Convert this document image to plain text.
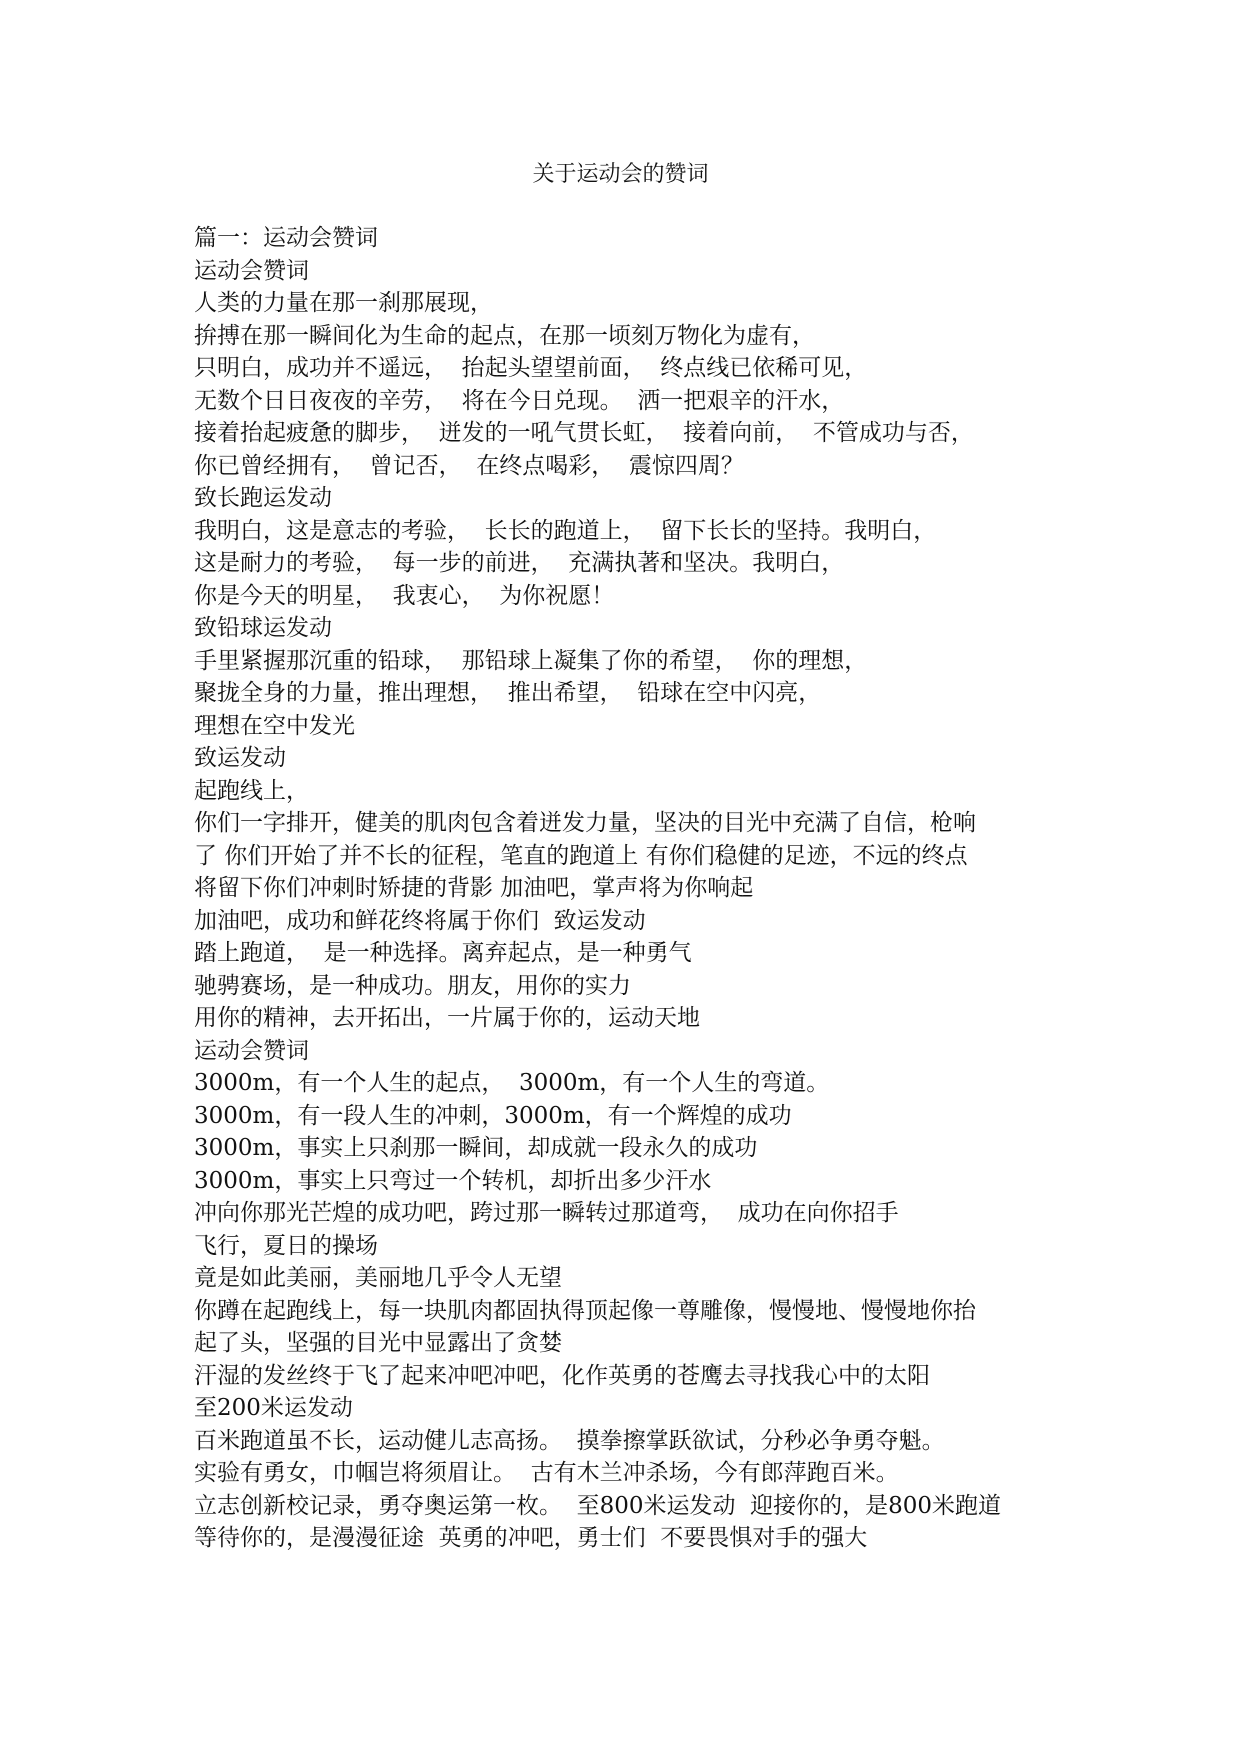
关于运动会的赞词
篇一：运动会赞词
运动会赞词
人类的力量在那一刹那展现，
拚搏在那一瞬间化为生命的起点，在那一顷刻万物化为虚有，
只明白，成功并不遥远，  抬起头望望前面，  终点线已依稀可见，
无数个日日夜夜的辛劳，  将在今日兑现。  洒一把艰辛的汗水，
接着抬起疲惫的脚步，  迸发的一吼气贯长虹，  接着向前，  不管成功与否，
你已曾经拥有，  曾记否，  在终点喝彩，  震惊四周？
致长跑运发动
我明白，这是意志的考验，  长长的跑道上，  留下长长的坚持。我明白，
这是耐力的考验，  每一步的前进，  充满执著和坚决。我明白，
你是今天的明星，  我衷心，  为你祝愿！
致铅球运发动
手里紧握那沉重的铅球，  那铅球上凝集了你的希望，  你的理想，
聚拢全身的力量，推出理想，  推出希望，  铅球在空中闪亮，
理想在空中发光
致运发动
起跑线上，
你们一字排开，健美的肌肉包含着迸发力量，坚决的目光中充满了自信，枪响
了 你们开始了并不长的征程，笔直的跑道上 有你们稳健的足迹，不远的终点
将留下你们冲刺时矫捷的背影 加油吧，掌声将为你响起
加油吧，成功和鲜花终将属于你们  致运发动
踏上跑道，  是一种选择。离弃起点，是一种勇气
驰骋赛场，是一种成功。朋友，用你的实力
用你的精神，去开拓出，一片属于你的，运动天地
运动会赞词
3000m，有一个人生的起点，  3000m，有一个人生的弯道。
3000m，有一段人生的冲刺，3000m，有一个辉煌的成功
3000m，事实上只刹那一瞬间，却成就一段永久的成功
3000m，事实上只弯过一个转机，却折出多少汗水
冲向你那光芒煌的成功吧，跨过那一瞬转过那道弯，  成功在向你招手
飞行，夏日的操场
竟是如此美丽，美丽地几乎令人无望
你蹲在起跑线上，每一块肌肉都固执得顶起像一尊雕像，慢慢地、慢慢地你抬
起了头，坚强的目光中显露出了贪婪
汗湿的发丝终于飞了起来冲吧冲吧，化作英勇的苍鹰去寻找我心中的太阳
至200米运发动
百米跑道虽不长，运动健儿志高扬。  摸拳擦掌跃欲试，分秒必争勇夺魁。
实验有勇女，巾帼岂将须眉让。  古有木兰冲杀场，今有郎萍跑百米。
立志创新校记录，勇夺奥运第一枚。  至800米运发动  迎接你的，是800米跑道
等待你的，是漫漫征途  英勇的冲吧，勇士们  不要畏惧对手的强大
